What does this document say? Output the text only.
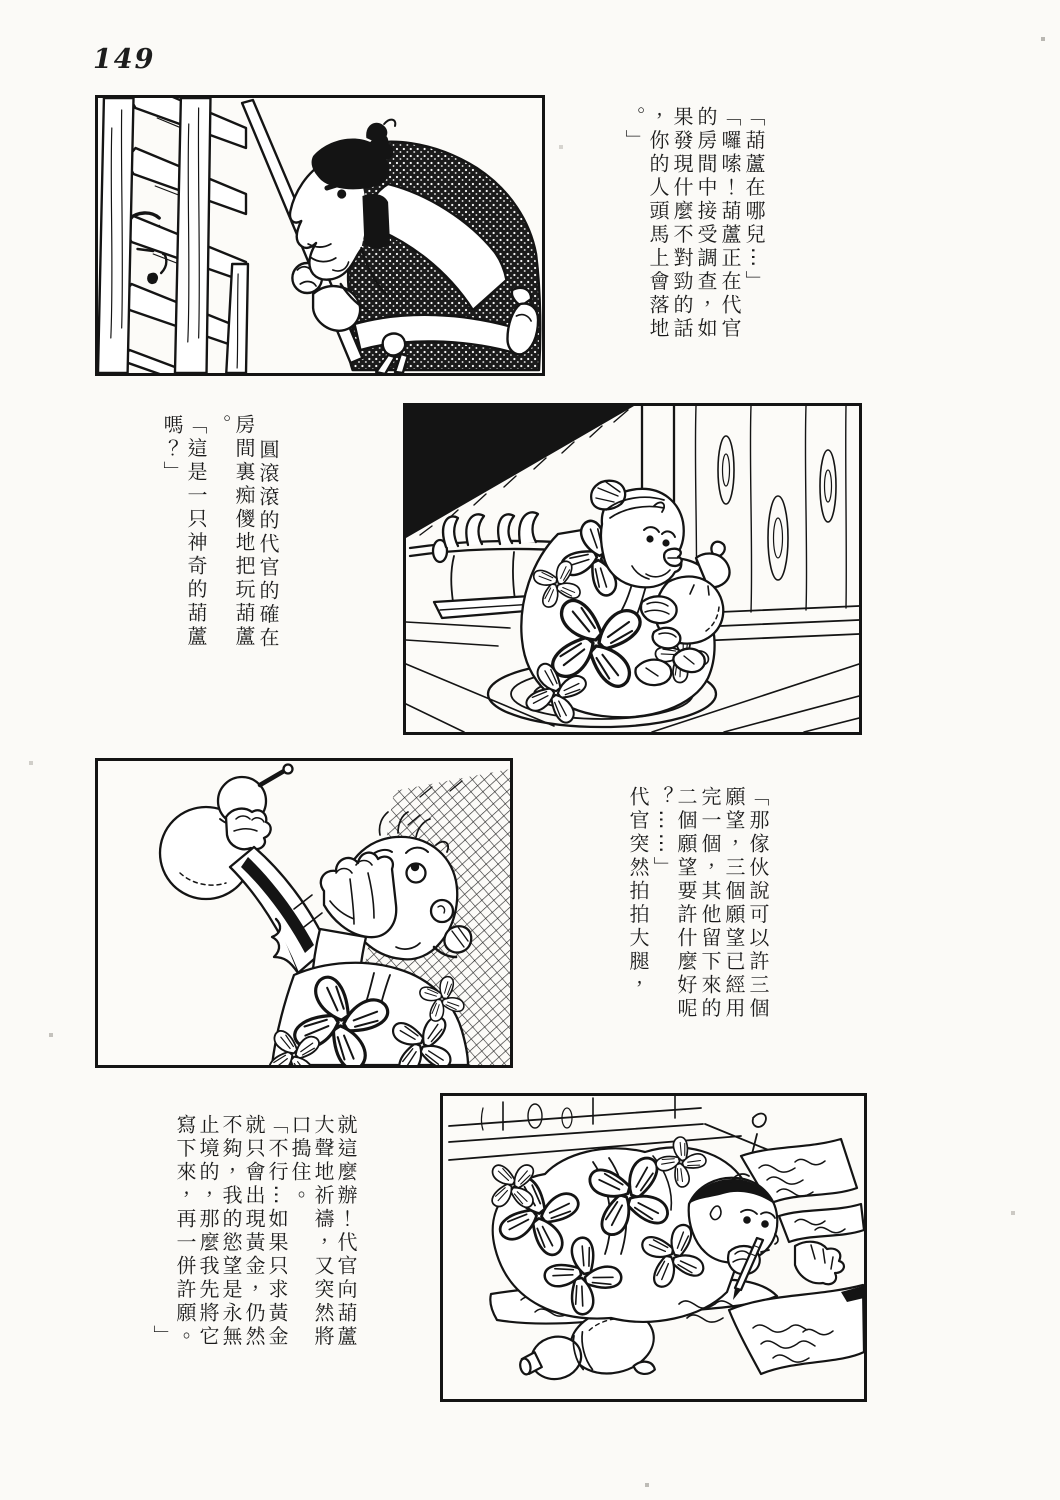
149
「葫蘆在哪兒⋯」
「囉嗦！葫蘆正在代官
的房間中接受調查，如
果發現什麼不對勁的話
，你的人頭馬上會落地
。」
圓滾滾的代官的確在
房間裏痴儍地把玩葫蘆
。
「這是一只神奇的葫蘆
嗎？」
「那傢伙說可以許三個
願望，三個願望已經用
完一個，其他留下來的
二個願望要許什麼好呢
？⋯⋯」
代官突然拍拍大腿，
就這麼辦！代官向葫蘆
大聲地祈禱，又突然將
口搗住。
「不行⋯如果只求黃金
就只會出現黃金，仍然
不夠，我的慾望是永無
止境的，那麼我先將它
寫下來，再一併許願。
」
